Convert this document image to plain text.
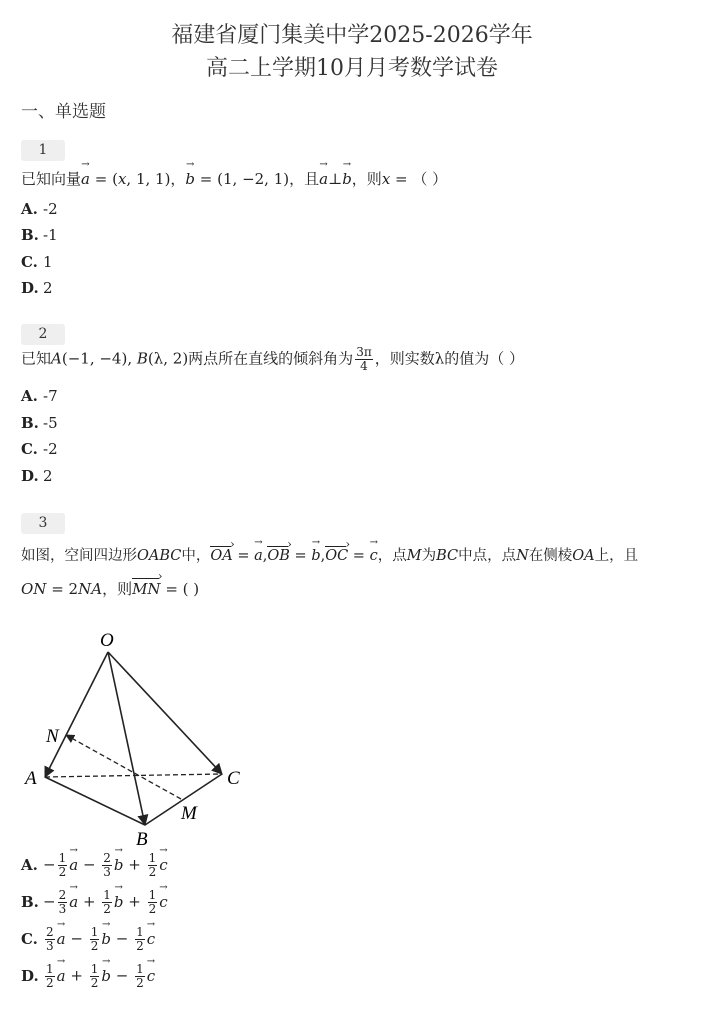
福建省厦门集美中学2025-2026学年
高二上学期10月月考数学试卷
一、单选题
1
已知向量→ a = (x, 1, 1)，→ b = (1, −2, 1)，且→ a⊥→ b，则x = （ ）
A. -2
B. -1
C. 1
D. 2
2
已知A(−1, −4), B(λ, 2)两点所在直线的倾斜角为 $\frac{3\pi}{4}$ ，则实数λ的值为（ ）
A. -7
B. -5
C. -2
D. 2
3
如图，空间四边形OABC中，OA › = → a,OB › = → b,OC › = → c，点M为BC中点，点N在侧棱OA上，且
ON = 2NA，则MN › = ( )
O
N
A	C
M
B
A. − $\frac{1}{2}$
→ $a - \frac{2}{3}$
→ $b + \frac{1}{2}$
→ c
B. − $\frac{2}{3}$
→ $a + \frac{1}{2}$
→ $b + \frac{1}{2}$
→ c
C. $\frac{2}{3}$
→ $a - \frac{1}{2}$
→ $b - \frac{1}{2}$
→ c
D. $\frac{1}{2}$
→ $a + \frac{1}{2}$
→ $b - \frac{1}{2}$
→ c
